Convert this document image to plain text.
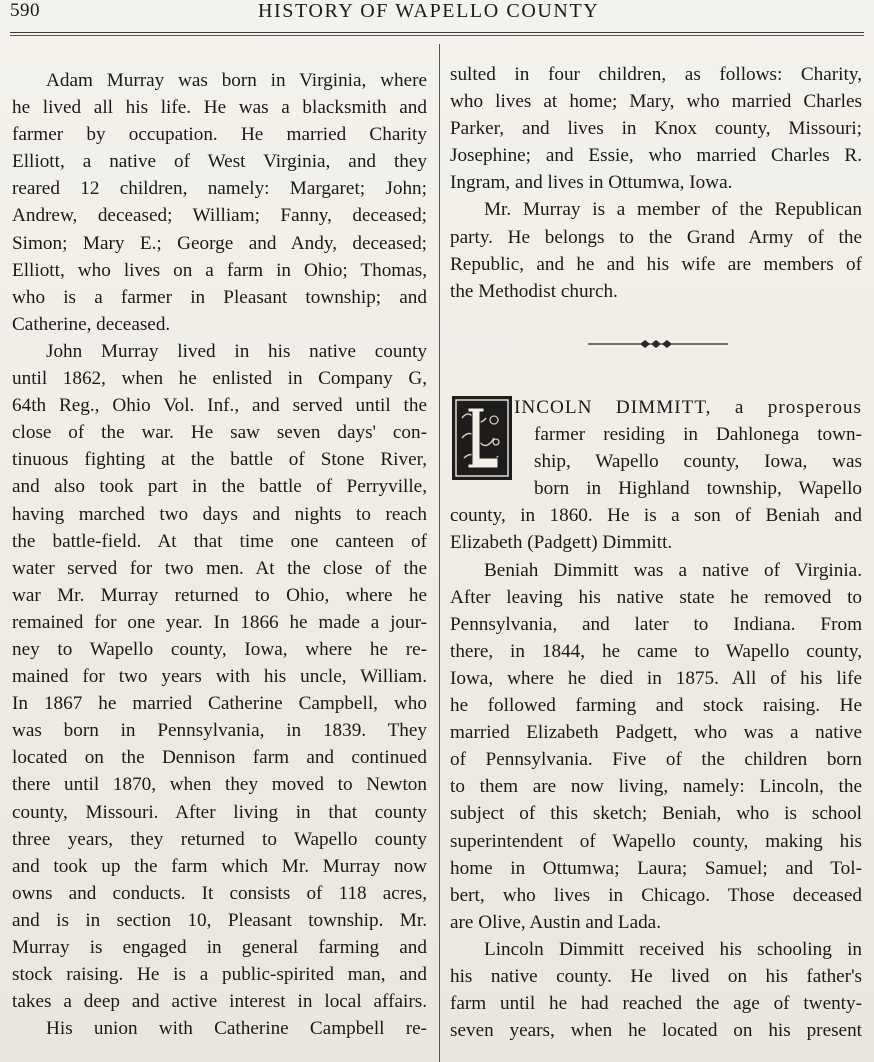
590	HISTORY OF WAPELLO COUNTY
Adam Murray was born in Virginia, where
he lived all his life. He was a blacksmith and
farmer by occupation. He married Charity
Elliott, a native of West Virginia, and they
reared 12 children, namely: Margaret; John;
Andrew, deceased; William; Fanny, deceased;
Simon; Mary E.; George and Andy, deceased;
Elliott, who lives on a farm in Ohio; Thomas,
who is a farmer in Pleasant township; and
Catherine, deceased.
John Murray lived in his native county
until 1862, when he enlisted in Company G,
64th Reg., Ohio Vol. Inf., and served until the
close of the war. He saw seven days' con-
tinuous fighting at the battle of Stone River,
and also took part in the battle of Perryville,
having marched two days and nights to reach
the battle-field. At that time one canteen of
water served for two men. At the close of the
war Mr. Murray returned to Ohio, where he
remained for one year. In 1866 he made a jour-
ney to Wapello county, Iowa, where he re-
mained for two years with his uncle, William.
In 1867 he married Catherine Campbell, who
was born in Pennsylvania, in 1839. They
located on the Dennison farm and continued
there until 1870, when they moved to Newton
county, Missouri. After living in that county
three years, they returned to Wapello county
and took up the farm which Mr. Murray now
owns and conducts. It consists of 118 acres,
and is in section 10, Pleasant township. Mr.
Murray is engaged in general farming and
stock raising. He is a public-spirited man, and
takes a deep and active interest in local affairs.
His union with Catherine Campbell re-
sulted in four children, as follows: Charity,
who lives at home; Mary, who married Charles
Parker, and lives in Knox county, Missouri;
Josephine; and Essie, who married Charles R.
Ingram, and lives in Ottumwa, Iowa.
Mr. Murray is a member of the Republican
party. He belongs to the Grand Army of the
Republic, and he and his wife are members of
the Methodist church.
INCOLN DIMMITT, a prosperous
farmer residing in Dahlonega town-
ship, Wapello county, Iowa, was
born in Highland township, Wapello
county, in 1860. He is a son of Beniah and
Elizabeth (Padgett) Dimmitt.
Beniah Dimmitt was a native of Virginia.
After leaving his native state he removed to
Pennsylvania, and later to Indiana. From
there, in 1844, he came to Wapello county,
Iowa, where he died in 1875. All of his life
he followed farming and stock raising. He
married Elizabeth Padgett, who was a native
of Pennsylvania. Five of the children born
to them are now living, namely: Lincoln, the
subject of this sketch; Beniah, who is school
superintendent of Wapello county, making his
home in Ottumwa; Laura; Samuel; and Tol-
bert, who lives in Chicago. Those deceased
are Olive, Austin and Lada.
Lincoln Dimmitt received his schooling in
his native county. He lived on his father's
farm until he had reached the age of twenty-
seven years, when he located on his present
